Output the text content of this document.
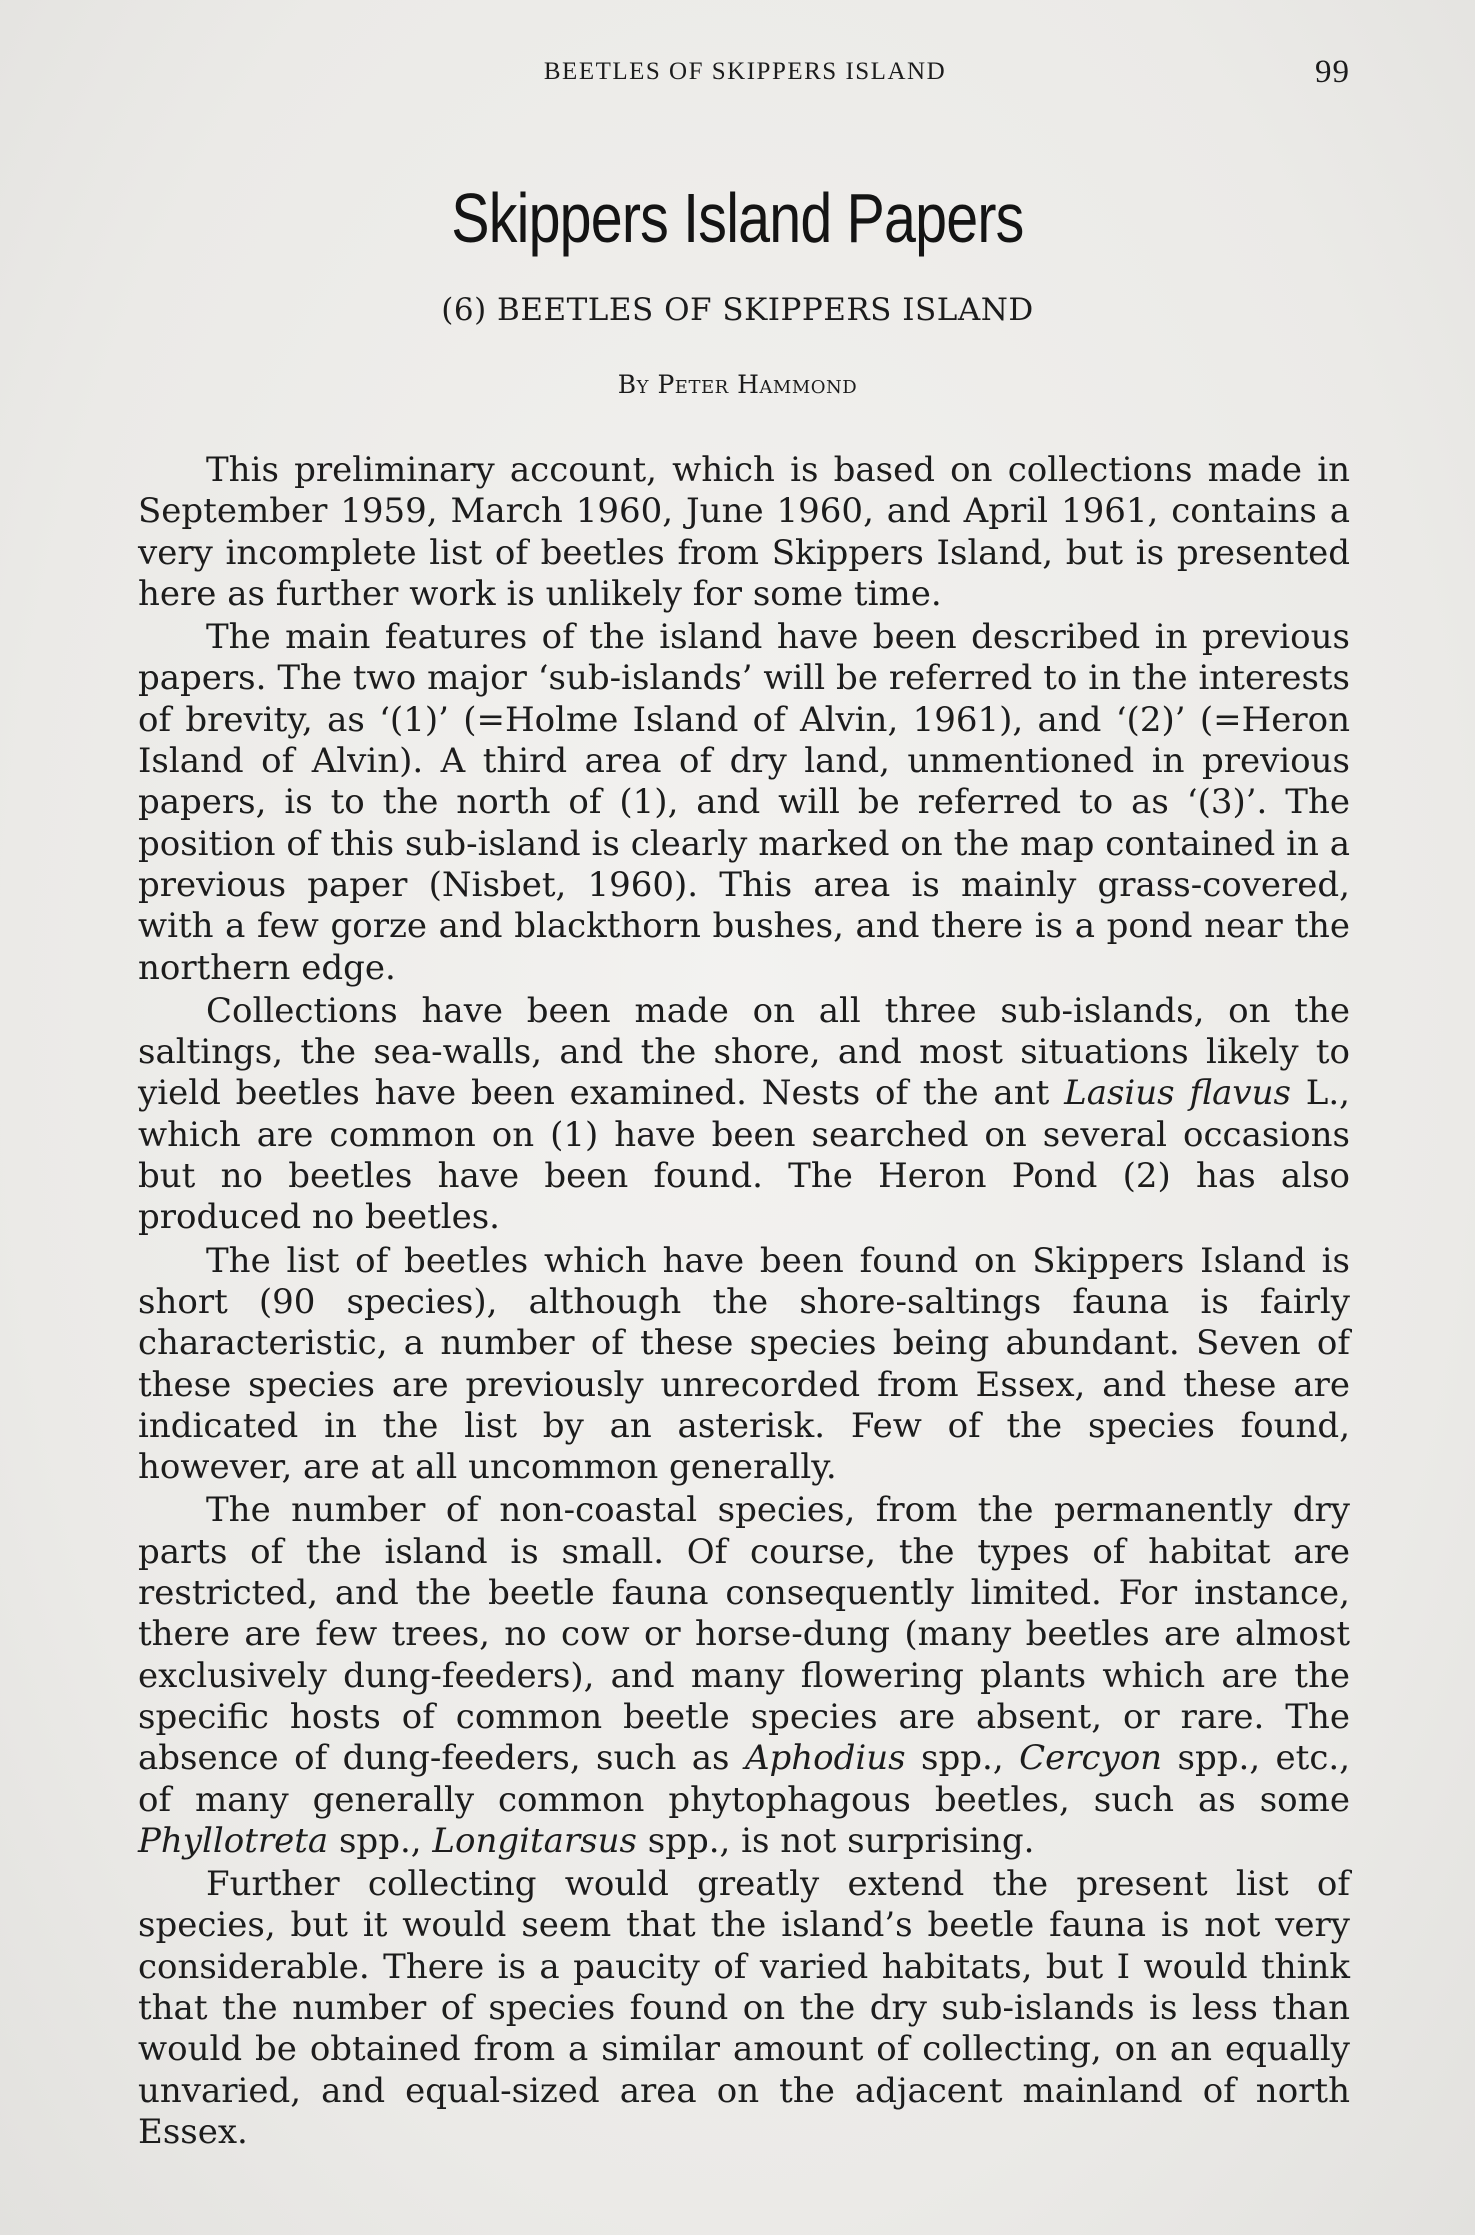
BEETLES OF SKIPPERS ISLAND	99
Skippers Island Papers
(6) BEETLES OF SKIPPERS ISLAND
By Peter Hammond

This preliminary account, which is based on collections made in September 1959, March 1960, June 1960, and April 1961, contains a very incomplete list of beetles from Skippers Island, but is presented here as further work is unlikely for some time.

The main features of the island have been described in previous papers. The two major ‘sub-islands’ will be referred to in the interests of brevity, as ‘(1)’ (=Holme Island of Alvin, 1961), and ‘(2)’ (=Heron Island of Alvin). A third area of dry land, unmentioned in previous papers, is to the north of (1), and will be referred to as ‘(3)’. The position of this sub-island is clearly marked on the map contained in a previous paper (Nisbet, 1960). This area is mainly grass-covered, with a few gorze and blackthorn bushes, and there is a pond near the northern edge.

Collections have been made on all three sub-islands, on the saltings, the sea-walls, and the shore, and most situations likely to yield beetles have been examined. Nests of the ant Lasius flavus L., which are common on (1) have been searched on several occasions but no beetles have been found. The Heron Pond (2) has also produced no beetles.

The list of beetles which have been found on Skippers Island is short (90 species), although the shore-saltings fauna is fairly characteristic, a number of these species being abundant. Seven of these species are previously unrecorded from Essex, and these are indicated in the list by an asterisk. Few of the species found, however, are at all uncommon generally.

The number of non-coastal species, from the permanently dry parts of the island is small. Of course, the types of habitat are restricted, and the beetle fauna consequently limited. For instance, there are few trees, no cow or horse-dung (many beetles are almost exclusively dung-feeders), and many flowering plants which are the specific hosts of common beetle species are absent, or rare. The absence of dung-feeders, such as Aphodius spp., Cercyon spp., etc., of many generally common phytophagous beetles, such as some Phyllotreta spp., Longitarsus spp., is not surprising.

Further collecting would greatly extend the present list of species, but it would seem that the island’s beetle fauna is not very considerable. There is a paucity of varied habitats, but I would think that the number of species found on the dry sub-islands is less than would be obtained from a similar amount of collecting, on an equally unvaried, and equal-sized area on the adjacent mainland of north Essex.
